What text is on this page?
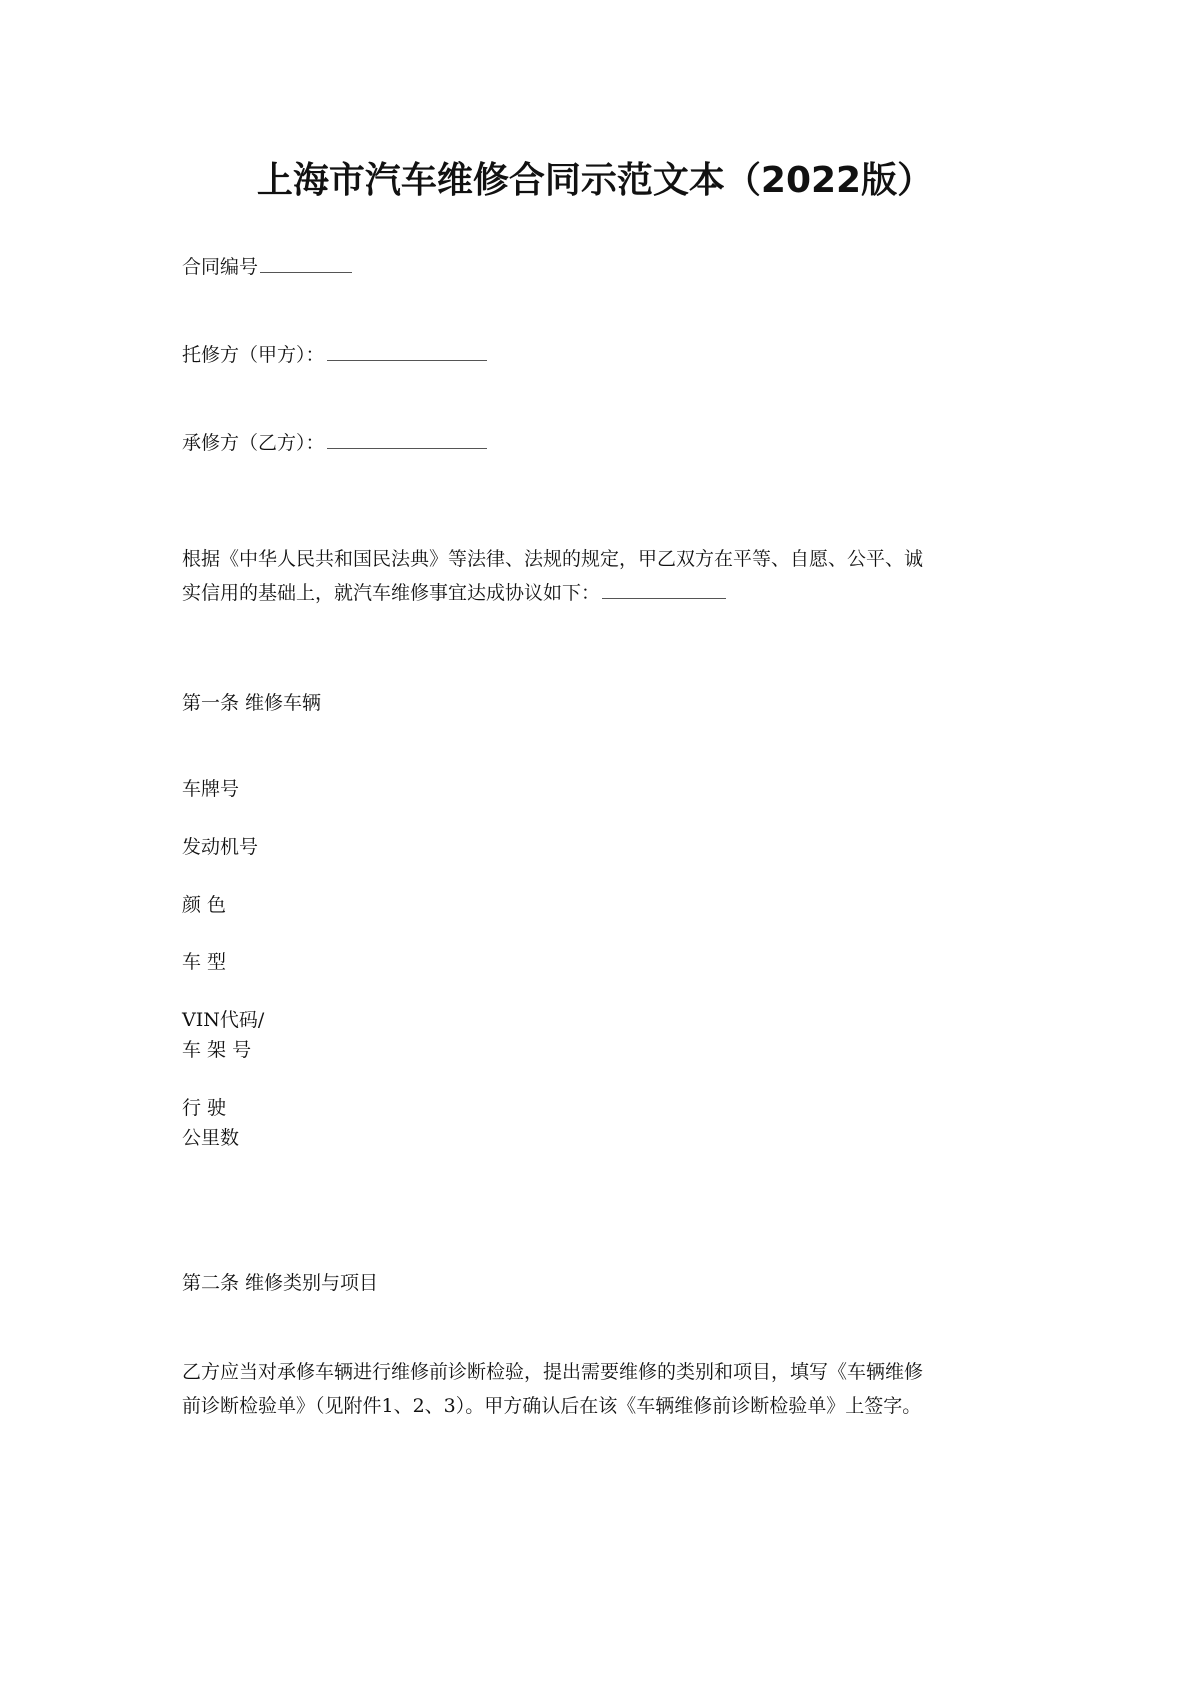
上海市汽车维修合同示范文本（2022版）
合同编号
托修方（甲方）：
承修方（乙方）：
根据《中华人民共和国民法典》等法律、法规的规定，甲乙双方在平等、自愿、公平、诚
实信用的基础上，就汽车维修事宜达成协议如下：
第一条 维修车辆
车牌号
发动机号
颜 色
车 型
VIN代码/
车 架 号
行 驶
公里数
第二条 维修类别与项目
乙方应当对承修车辆进行维修前诊断检验，提出需要维修的类别和项目，填写《车辆维修
前诊断检验单》（见附件1、2、3）。甲方确认后在该《车辆维修前诊断检验单》上签字。
